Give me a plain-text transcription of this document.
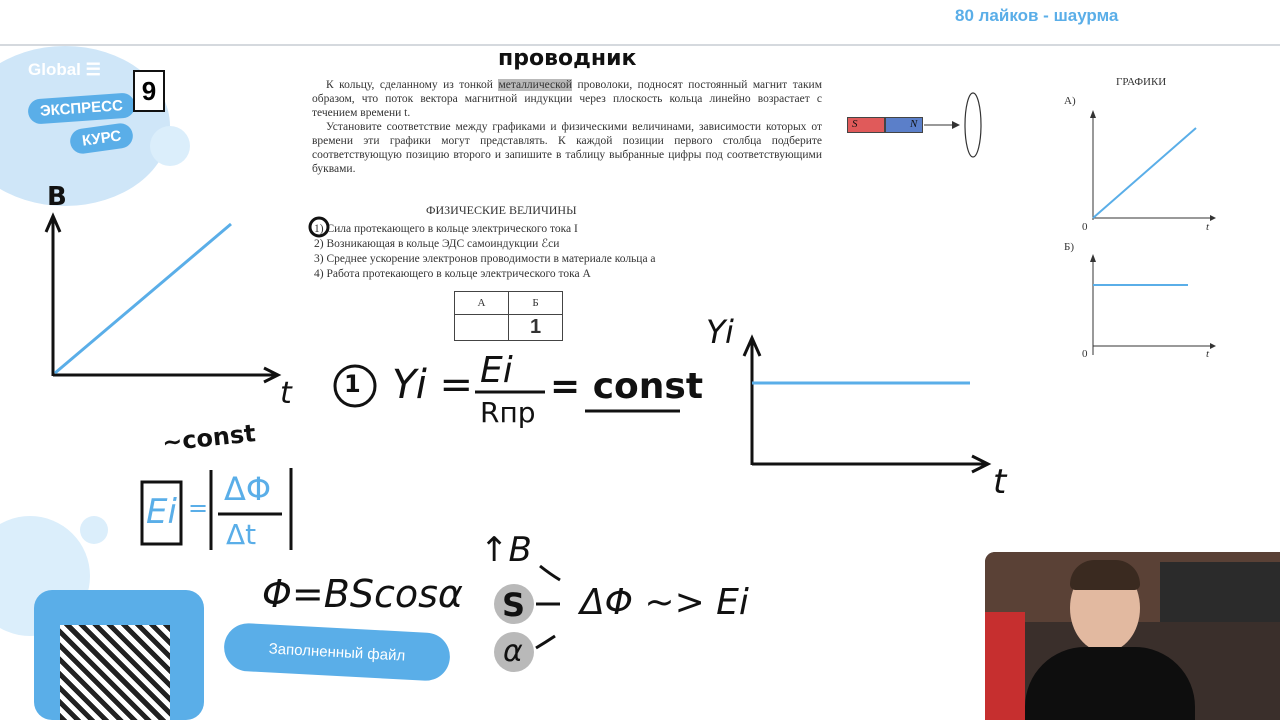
80 лайков - шаурма
Global ☰
ЭКСПРЕСС
КУРС
Заполненный файл
9	К кольцу, сделанному из тонкой металлической проволоки, подносят постоянный магнит таким образом, что поток вектора магнитной индукции через плоскость кольца линейно возрастает с течением времени t.

Установите соответствие между графиками и физическими величинами, зависимости которых от времени эти графики могут представлять. К каждой позиции первого столбца подберите соответствующую позицию второго и запишите в таблицу выбранные цифры под соответствующими буквами.

ФИЗИЧЕСКИЕ ВЕЛИЧИНЫ
1) Сила протекающего в кольце электрического тока I
2) Возникающая в кольце ЭДС самоиндукции ℰси
3) Среднее ускорение электронов проводимости в материале кольца a
4) Работа протекающего в кольце электрического тока A
А	Б
	1
S	N
ГРАФИКИ
А)
Б)
0	t
0	t
проводник
B
t 1 Yi = Ei
Rпр
= const
Yi
t
~const
Ei = ΔΦ
Δt
Φ=BScosα
↑B
S
α
ΔΦ ~> Ei
